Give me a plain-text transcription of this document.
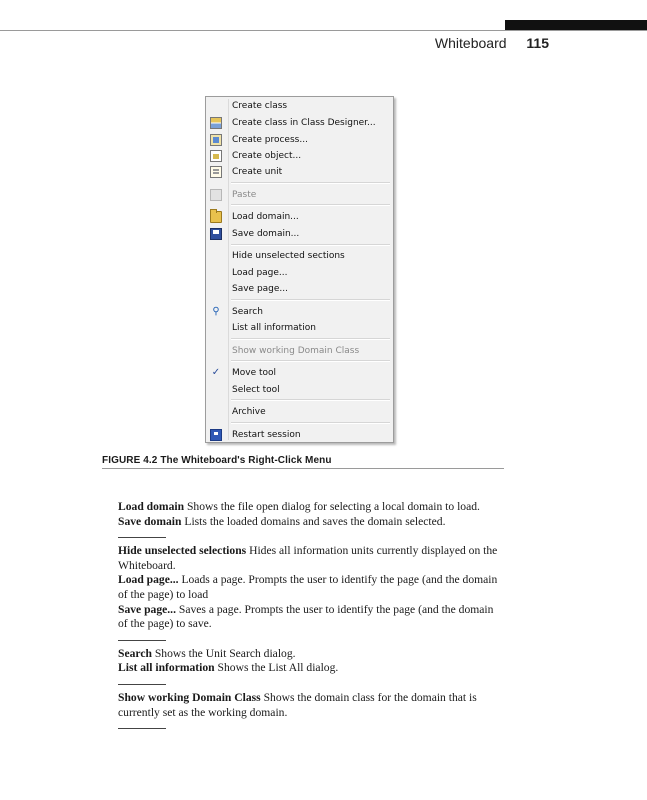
Whiteboard 115
Create class
Create class in Class Designer...
Create process...
Create object...
Create unit
Paste
Load domain...
Save domain...
Hide unselected sections
Load page...
Save page...
⚲ Search
List all information
Show working Domain Class
✓ Move tool
Select tool
Archive
Restart session
FIGURE 4.2 The Whiteboard's Right-Click Menu

Load domain Shows the file open dialog for selecting a local domain to load.

Save domain Lists the loaded domains and saves the domain selected.

Hide unselected selections Hides all information units currently displayed on the Whiteboard.

Load page... Loads a page. Prompts the user to identify the page (and the domain of the page) to load

Save page... Saves a page. Prompts the user to identify the page (and the domain of the page) to save.

Search Shows the Unit Search dialog.

List all information Shows the List All dialog.

Show working Domain Class Shows the domain class for the domain that is currently set as the working domain.
